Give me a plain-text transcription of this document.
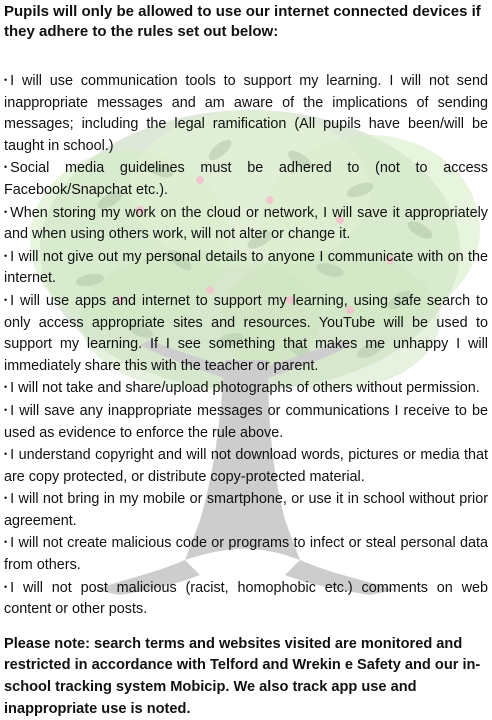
Pupils will only be allowed to use our internet connected devices if they adhere to the rules set out below:

• I will use communication tools to support my learning. I will not send inappropriate messages and am aware of the implications of sending messages; including the legal ramification (All pupils have been/will be taught in school.)
• Social media guidelines must be adhered to (not to access Facebook/Snapchat etc.).
• When storing my work on the cloud or network, I will save it appropriately and when using others work, will not alter or change it.
• I will not give out my personal details to anyone I communicate with on the internet.
• I will use apps and internet to support my learning, using safe search to only access appropriate sites and resources. YouTube will be used to support my learning. If I see something that makes me unhappy I will immediately share this with the teacher or parent.
• I will not take and share/upload photographs of others without permission.
• I will save any inappropriate messages or communications I receive to be used as evidence to enforce the rule above.
• I understand copyright and will not download words, pictures or media that are copy protected, or distribute copy-protected material.
• I will not bring in my mobile or smartphone, or use it in school without prior agreement.
• I will not create malicious code or programs to infect or steal personal data from others.
• I will not post malicious (racist, homophobic etc.) comments on web content or other posts.

Please note: search terms and websites visited are monitored and restricted in accordance with Telford and Wrekin e Safety and our in-school tracking system Mobicip. We also track app use and inappropriate use is noted.
